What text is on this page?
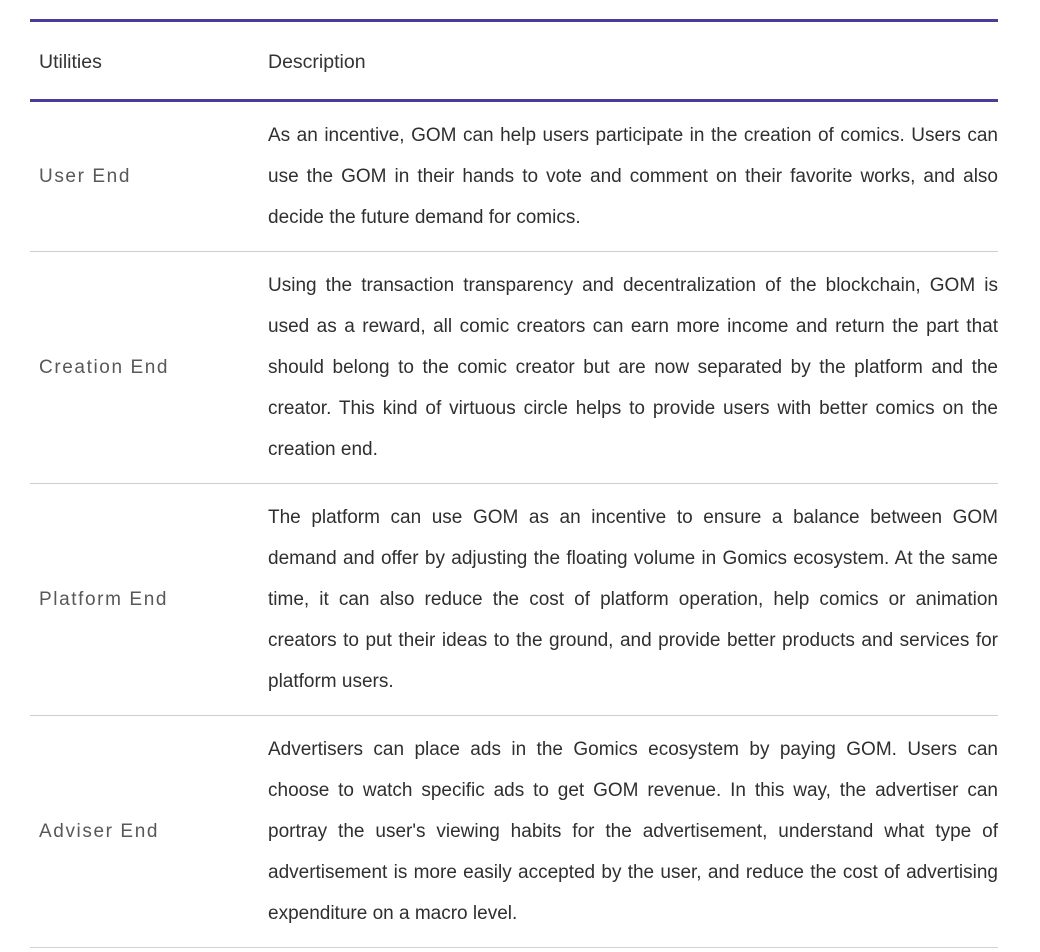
Utilities	Description
User End	As an incentive, GOM can help users participate in the creation of comics. Users can use the GOM in their hands to vote and comment on their favorite works, and also decide the future demand for comics.

Creation End	Using the transaction transparency and decentralization of the blockchain, GOM is used as a reward, all comic creators can earn more income and return the part that should belong to the comic creator but are now separated by the platform and the creator. This kind of virtuous circle helps to provide users with better comics on the creation end.

Platform End	The platform can use GOM as an incentive to ensure a balance between GOM demand and offer by adjusting the floating volume in Gomics ecosystem. At the same time, it can also reduce the cost of platform operation, help comics or animation creators to put their ideas to the ground, and provide better products and services for platform users.

Adviser End	Advertisers can place ads in the Gomics ecosystem by paying GOM. Users can choose to watch specific ads to get GOM revenue. In this way, the advertiser can portray the user's viewing habits for the advertisement, understand what type of advertisement is more easily accepted by the user, and reduce the cost of advertising expenditure on a macro level.
